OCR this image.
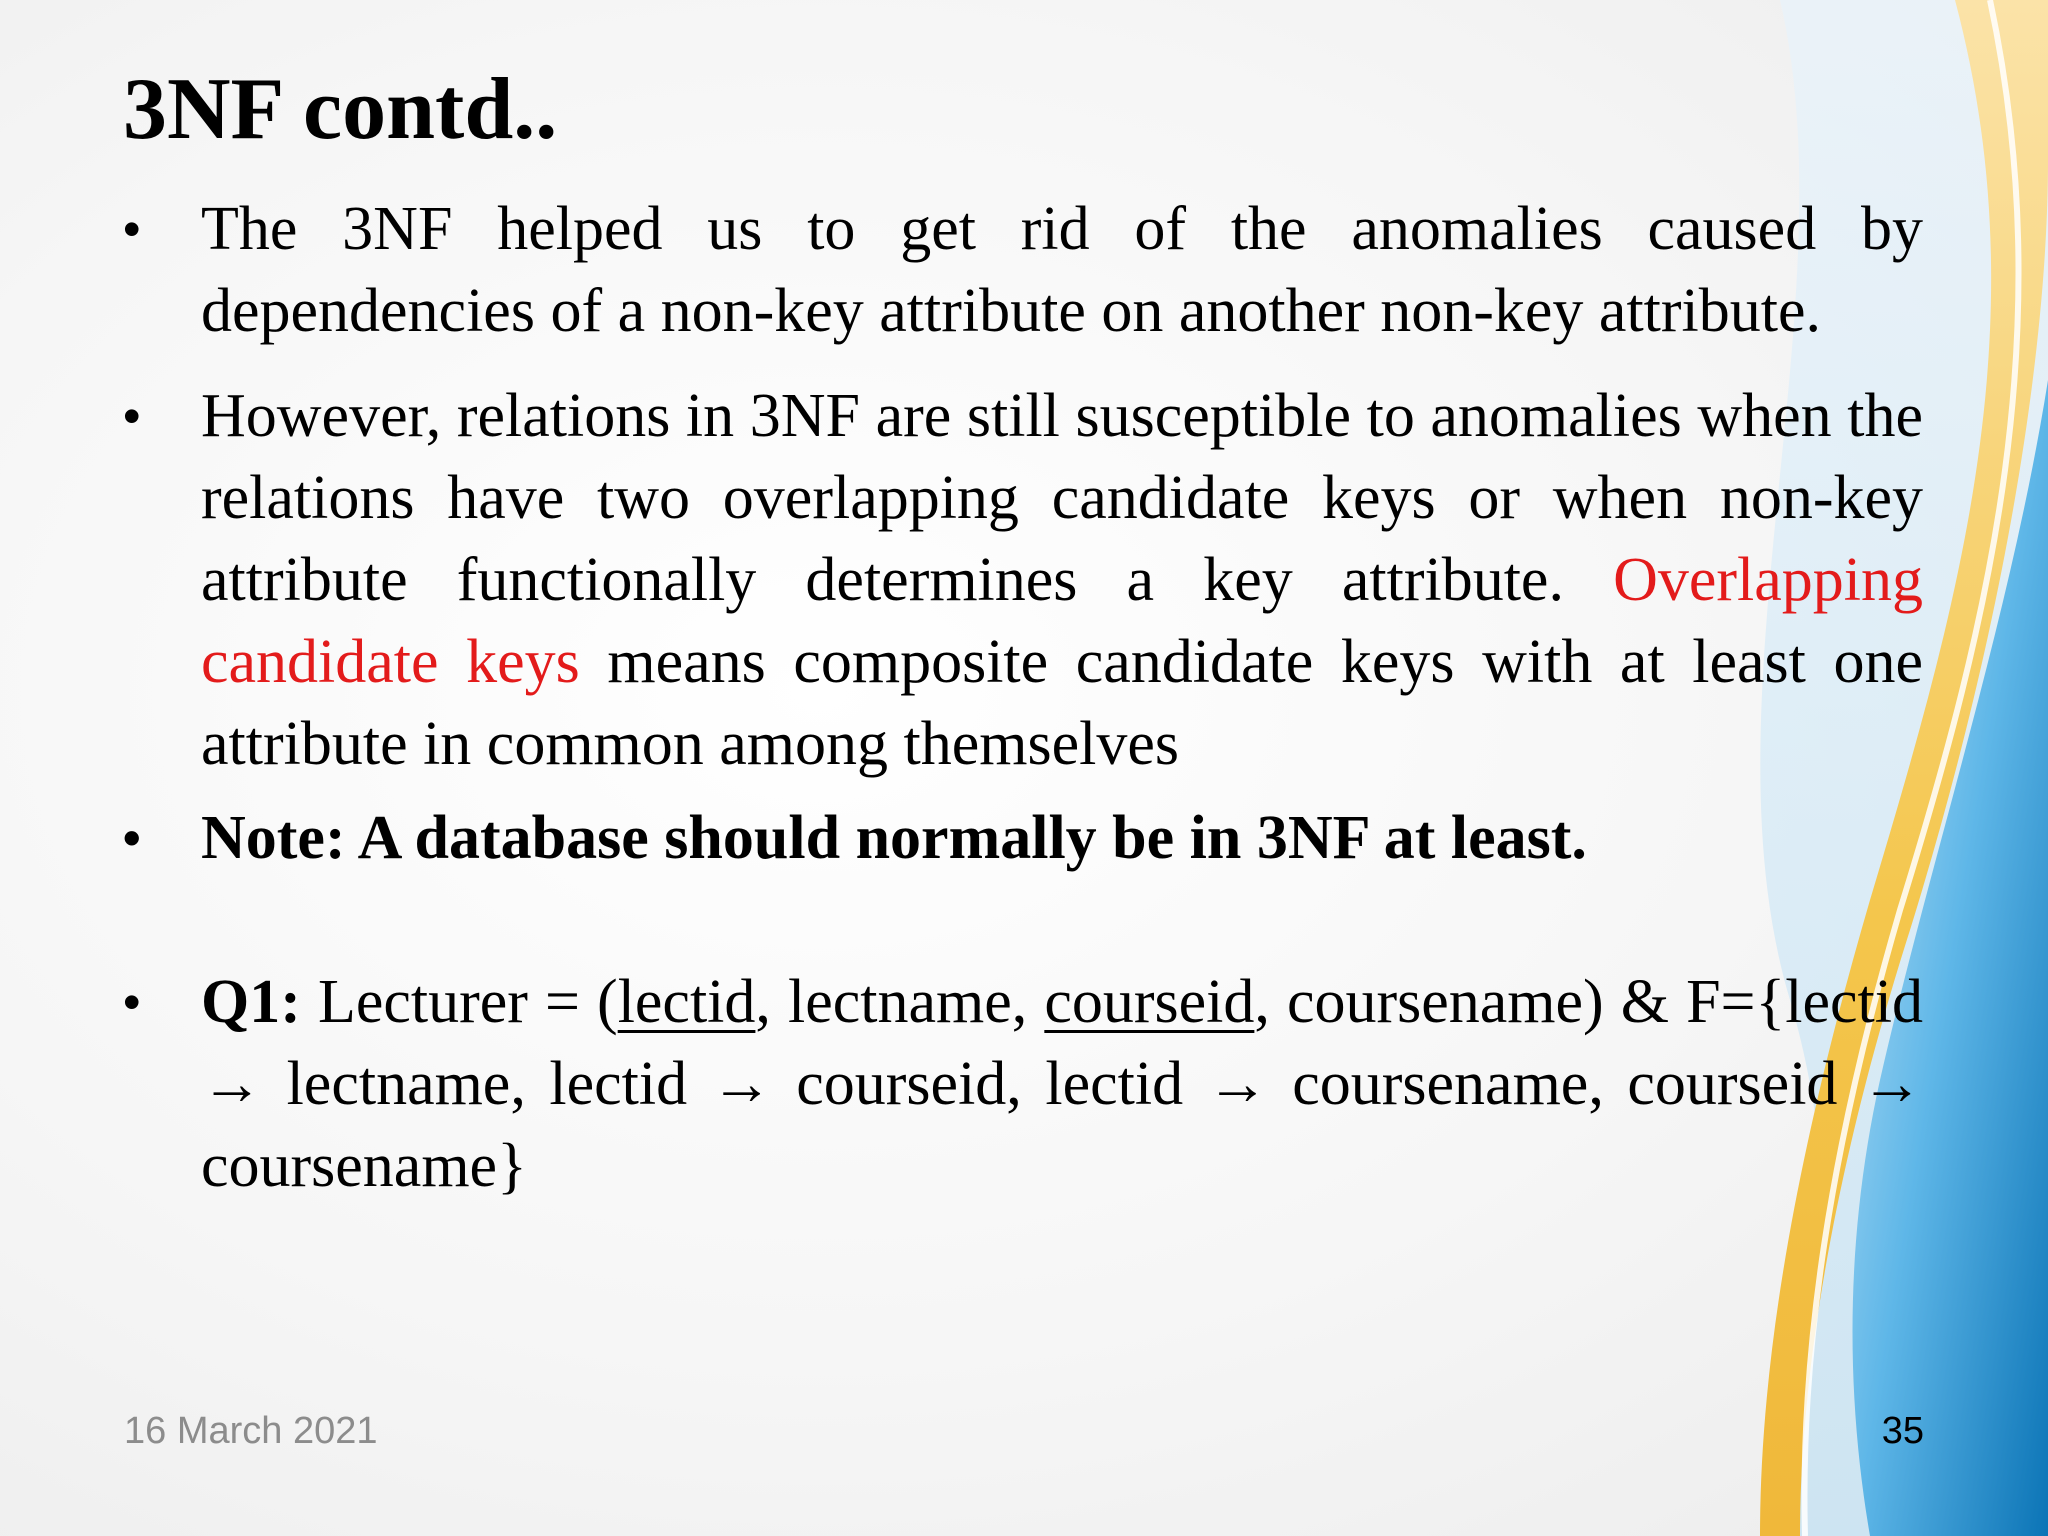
3NF contd..
• The 3NF helped us to get rid of the anomalies caused by dependencies of a non-key attribute on another non-key attribute.
• However, relations in 3NF are still susceptible to anomalies when the relations have two overlapping candidate keys or when non-key attribute functionally determines a key attribute. Overlapping candidate keys means composite candidate keys with at least one attribute in common among themselves
• Note: A database should normally be in 3NF at least.
• Q1: Lecturer = (lectid, lectname, courseid, coursename) & F={lectid → lectname, lectid → courseid, lectid → coursename, courseid → coursename}
16 March 2021	35
